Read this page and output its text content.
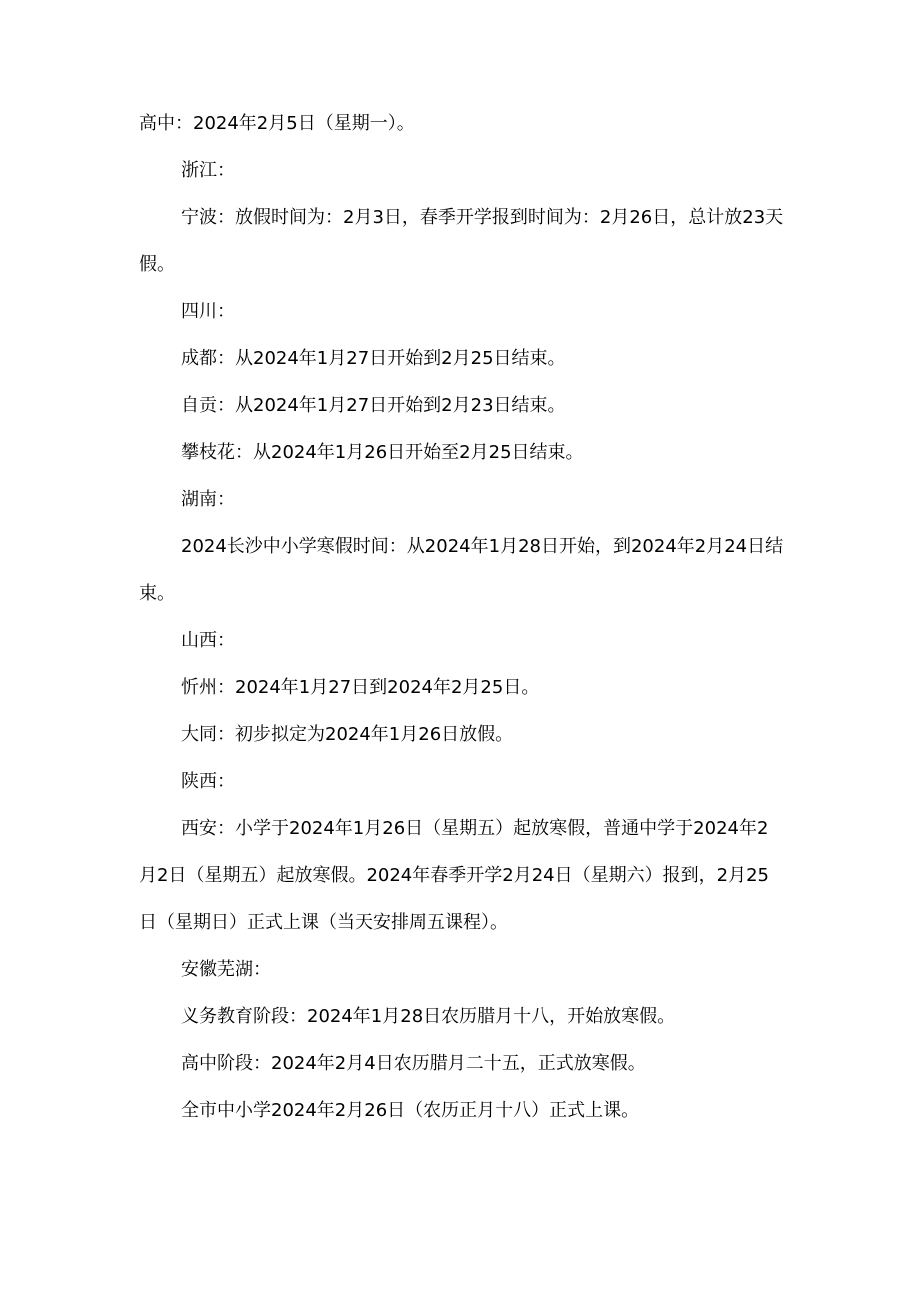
高中：2024年2月5日（星期一）。

浙江：

宁波：放假时间为：2月3日，春季开学报到时间为：2月26日，总计放23天假。

四川：

成都：从2024年1月27日开始到2月25日结束。

自贡：从2024年1月27日开始到2月23日结束。

攀枝花：从2024年1月26日开始至2月25日结束。

湖南：

2024长沙中小学寒假时间：从2024年1月28日开始，到2024年2月24日结束。

山西：

忻州：2024年1月27日到2024年2月25日。

大同：初步拟定为2024年1月26日放假。

陕西：

西安：小学于2024年1月26日（星期五）起放寒假，普通中学于2024年2月2日（星期五）起放寒假。2024年春季开学2月24日（星期六）报到，2月25日（星期日）正式上课（当天安排周五课程）。

安徽芜湖：

义务教育阶段：2024年1月28日农历腊月十八，开始放寒假。

高中阶段：2024年2月4日农历腊月二十五，正式放寒假。

全市中小学2024年2月26日（农历正月十八）正式上课。
